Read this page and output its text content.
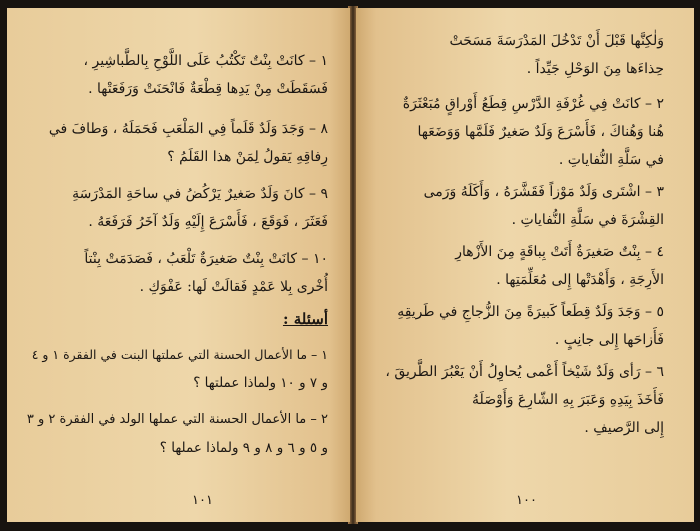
١ – كانَتْ بِنْتٌ تَكْتُبُ عَلَى اللَّوْحِ بِالطَّباشِيرِ ،
فَسَقَطَتْ مِنْ يَدِها قِطْعَةٌ فَانْحَنَتْ وَرَفَعَتْها .
٨ – وَجَدَ وَلَدٌ قَلَماً فِي المَلْعَبِ فَحَمَلَهُ ، وَطافَ في
رِفاقِهِ يَقولُ لِمَنْ هذا القَلَمُ ؟
٩ – كانَ وَلَدٌ صَغيرٌ يَرْكُضُ في ساحَةِ المَدْرَسَةِ
فَعَثَرَ ، فَوَقَعَ ، فَأَسْرَعَ إِلَيْهِ وَلَدٌ آخَرُ فَرَفَعَهُ .
١٠ – كانَتْ بِنْتٌ صَغيرَةٌ تَلْعَبُ ، فَصَدَمَتْ بِنْتاً
أُخْرى بِلا عَمْدٍ فَقالَتْ لَها: عَفْوَكِ .
أسئلة :
١ – ما الأعمال الحسنة التي عملتها البنت في الفقرة ١ و ٤
و ٧ و ١٠ ولماذا عملتها ؟
٢ – ما الأعمال الحسنة التي عملها الولد في الفقرة ٢ و ٣
و ٥ و ٦ و ٨ و ٩ ولماذا عملها ؟
١٠١
وَلٰكِنَّها قَبْلَ أَنْ تَدْخُلَ المَدْرَسَةَ مَسَحَتْ
حِذاءَها مِنَ الوَحْلِ جَيِّداً .
٢ – كانَتْ فِي غُرْفَةِ الدَّرْسِ قِطَعُ أَوْراقٍ مُبَعْثَرَةٌ
هُنا وَهُناكَ ، فَأَسْرَعَ وَلَدٌ صَغيرٌ فَلَمَّها وَوَضَعَها
في سَلَّةِ النُّفاياتِ .
٣ – اشْتَرى وَلَدٌ مَوْزاً فَقَشَّرَهُ ، وَأَكَلَهُ وَرَمى
القِشْرَةَ في سَلَّةِ النُّفاياتِ .
٤ – بِنْتٌ صَغيرَةٌ أَتَتْ بِباقَةٍ مِنَ الأَزْهارِ
الأَرِجَةِ ، وَأَهْدَتْها إِلى مُعَلِّمَتِها .
٥ – وَجَدَ وَلَدٌ قِطَعاً كَبيرَةً مِنَ الزُّجاجِ في طَريقِهِ
فَأَزاحَها إِلى جانِبٍ .
٦ – رَأى وَلَدٌ شَيْخاً أَعْمى يُحاوِلُ أَنْ يَعْبُرَ الطَّريقَ ،
فَأَخَذَ بِيَدِهِ وَعَبَرَ بِهِ الشّارِعَ وَأَوْصَلَهُ
إِلى الرَّصيفِ .
١٠٠
